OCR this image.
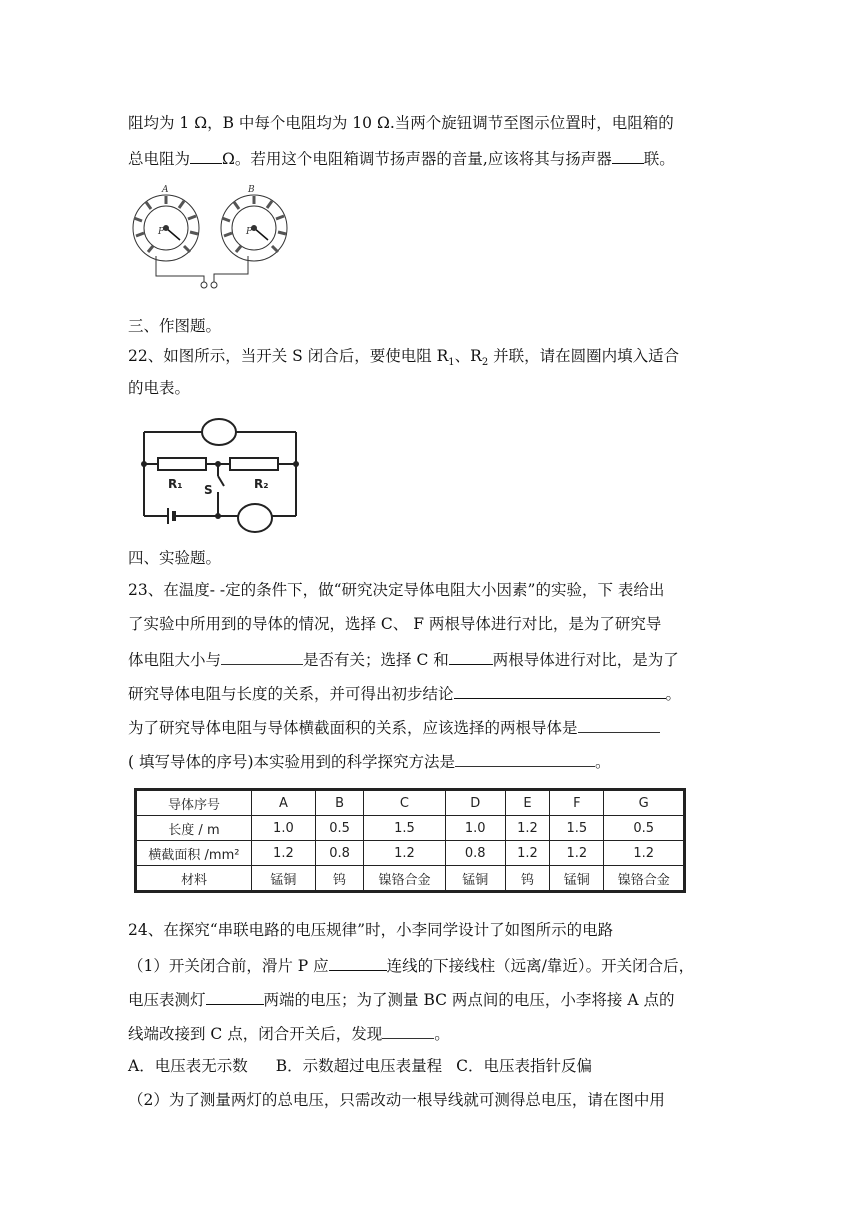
阻均为 1 Ω，B 中每个电阻均为 10 Ω.当两个旋钮调节至图示位置时，电阻箱的
总电阻为 Ω。若用这个电阻箱调节扬声器的音量,应该将其与扬声器 联。
A	B
P	P
三、作图题。
22、如图所示，当开关 S 闭合后，要使电阻 $R_1$、$R_2$ 并联，请在圆圈内填入适合
的电表。
R₁ S	R₂
四、实验题。
23、在温度- -定的条件下，做“研究决定导体电阻大小因素”的实验，下 表给出
了实验中所用到的导体的情况，选择 C、 F 两根导体进行对比，是为了研究导
体电阻大小与	是否有关；选择 C 和	两根导体进行对比，是为了
研究导体电阻与长度的关系，并可得出初步结论	。
为了研究导体电阻与导体横截面积的关系，应该选择的两根导体是
( 填写导体的序号)本实验用到的科学探究方法是	。
导体序号	A	B	C	D	E	F	G
长度 / m	1.0	0.5	1.5	1.0	1.2	1.5	0.5
横截面积 /mm²	1.2	0.8	1.2	0.8	1.2	1.2	1.2
材料	锰铜	钨	镍铬合金	锰铜	钨	锰铜	镍铬合金
24、在探究“串联电路的电压规律”时，小李同学设计了如图所示的电路
（1）开关闭合前，滑片 P 应	连线的下接线柱（远离/靠近）。开关闭合后，
电压表测灯	两端的电压；为了测量 BC 两点间的电压，小李将接 A 点的
线端改接到 C 点，闭合开关后，发现	。
A．电压表无示数 B．示数超过电压表量程 C．电压表指针反偏
（2）为了测量两灯的总电压，只需改动一根导线就可测得总电压，请在图中用
